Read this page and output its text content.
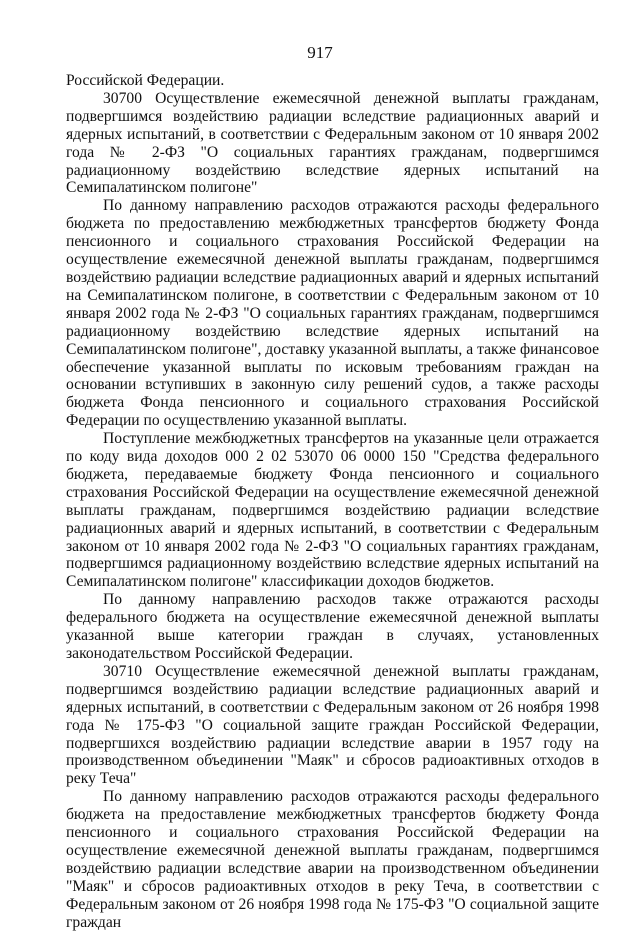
917

Российской Федерации.

30700 Осуществление ежемесячной денежной выплаты гражданам, подвергшимся воздействию радиации вследствие радиационных аварий и ядерных испытаний, в соответствии с Федеральным законом от 10 января 2002 года № 2-ФЗ "О социальных гарантиях гражданам, подвергшимся радиационному воздействию вследствие ядерных испытаний на Семипалатинском полигоне"

По данному направлению расходов отражаются расходы федерального бюджета по предоставлению межбюджетных трансфертов бюджету Фонда пенсионного и социального страхования Российской Федерации на осуществление ежемесячной денежной выплаты гражданам, подвергшимся воздействию радиации вследствие радиационных аварий и ядерных испытаний на Семипалатинском полигоне, в соответствии с Федеральным законом от 10 января 2002 года № 2-ФЗ "О социальных гарантиях гражданам, подвергшимся радиационному воздействию вследствие ядерных испытаний на Семипалатинском полигоне", доставку указанной выплаты, а также финансовое обеспечение указанной выплаты по исковым требованиям граждан на основании вступивших в законную силу решений судов, а также расходы бюджета Фонда пенсионного и социального страхования Российской Федерации по осуществлению указанной выплаты.

Поступление межбюджетных трансфертов на указанные цели отражается по коду вида доходов 000 2 02 53070 06 0000 150 "Средства федерального бюджета, передаваемые бюджету Фонда пенсионного и социального страхования Российской Федерации на осуществление ежемесячной денежной выплаты гражданам, подвергшимся воздействию радиации вследствие радиационных аварий и ядерных испытаний, в соответствии с Федеральным законом от 10 января 2002 года № 2-ФЗ "О социальных гарантиях гражданам, подвергшимся радиационному воздействию вследствие ядерных испытаний на Семипалатинском полигоне" классификации доходов бюджетов.

По данному направлению расходов также отражаются расходы федерального бюджета на осуществление ежемесячной денежной выплаты указанной выше категории граждан в случаях, установленных законодательством Российской Федерации.

30710 Осуществление ежемесячной денежной выплаты гражданам, подвергшимся воздействию радиации вследствие радиационных аварий и ядерных испытаний, в соответствии с Федеральным законом от 26 ноября 1998 года № 175-ФЗ "О социальной защите граждан Российской Федерации, подвергшихся воздействию радиации вследствие аварии в 1957 году на производственном объединении "Маяк" и сбросов радиоактивных отходов в реку Теча"

По данному направлению расходов отражаются расходы федерального бюджета на предоставление межбюджетных трансфертов бюджету Фонда пенсионного и социального страхования Российской Федерации на осуществление ежемесячной денежной выплаты гражданам, подвергшимся воздействию радиации вследствие аварии на производственном объединении "Маяк" и сбросов радиоактивных отходов в реку Теча, в соответствии с Федеральным законом от 26 ноября 1998 года № 175-ФЗ "О социальной защите граждан
